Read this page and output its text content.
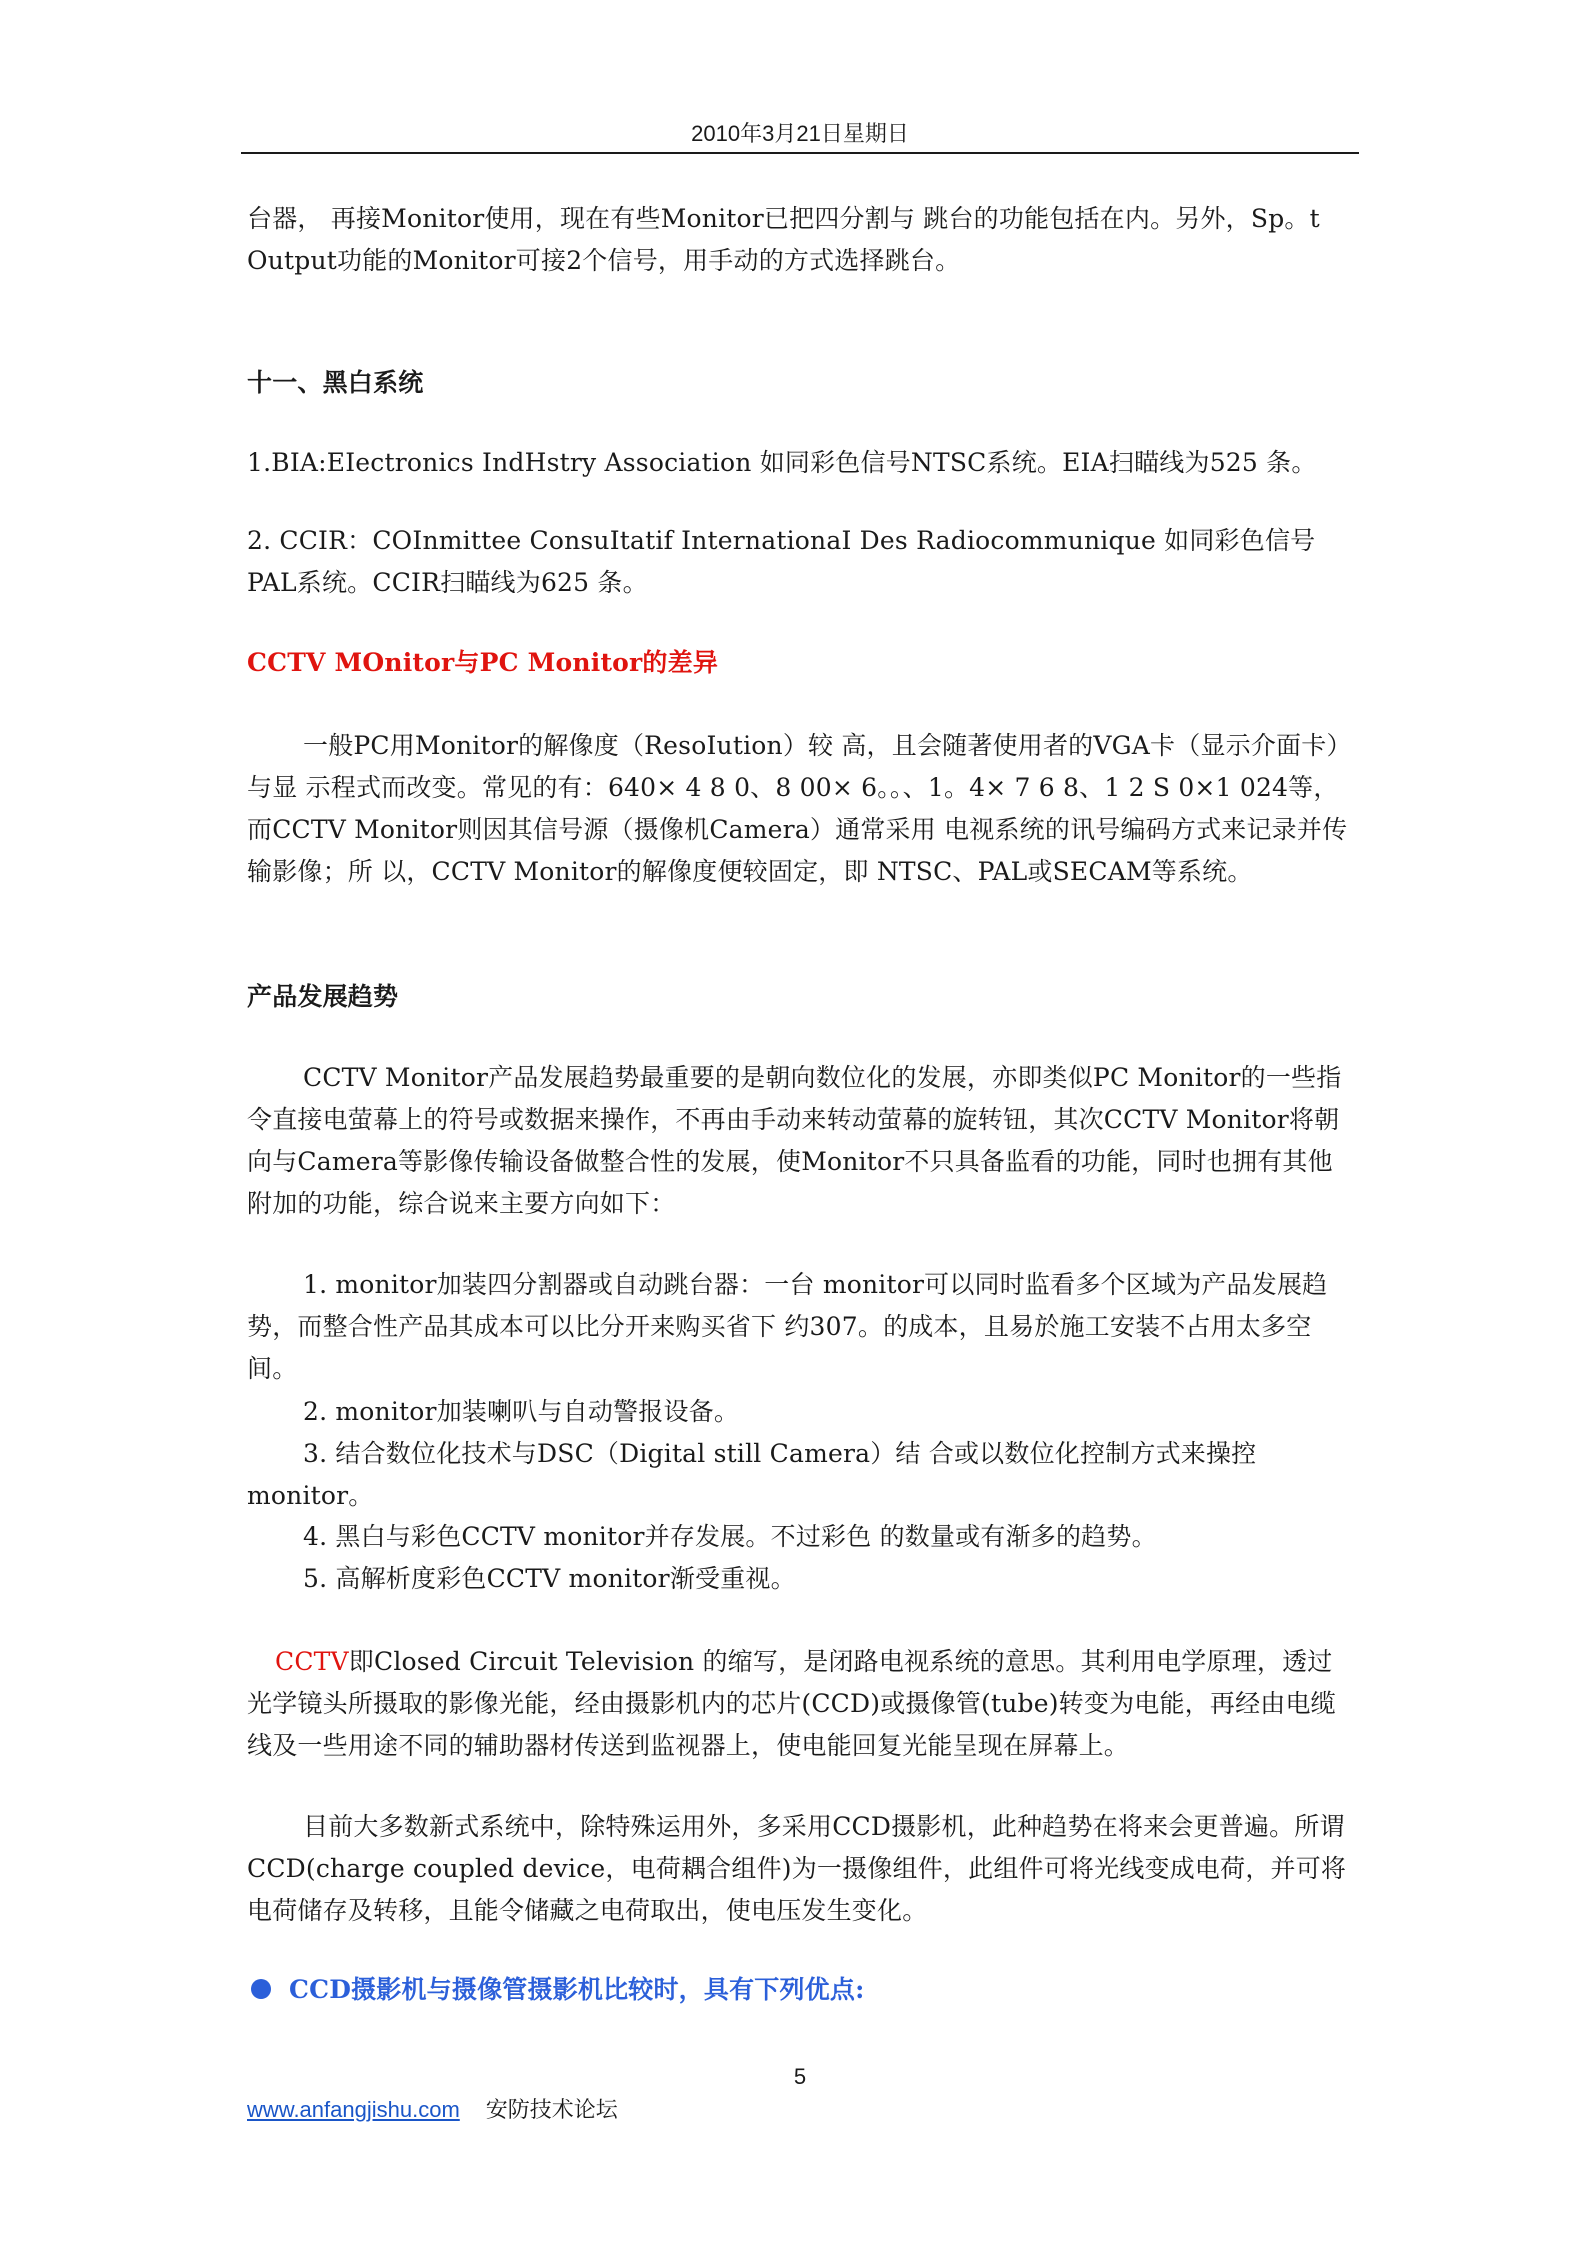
2010年3月21日星期日

台器， 再接Monitor使用，现在有些Monitor已把四分割与 跳台的功能包括在内。另外，Sp。t Output功能的Monitor可接2个信号，用手动的方式选择跳台。

十一、黑白系统

1.BIA:EIectronics IndHstry Association 如同彩色信号NTSC系统。EIA扫瞄线为525 条。

2. CCIR：COInmittee ConsuItatif InternationaI Des Radiocommunique 如同彩色信号PAL系统。CCIR扫瞄线为625 条。

CCTV MOnitor与PC Monitor的差异

一般PC用Monitor的解像度（ResoIution）较 高，且会随著使用者的VGA卡（显示介面卡）与显 示程式而改变。常见的有：640× 4 8 0、8 00× 6。。、1。4× 7 6 8、1 2 S 0×1 024等，而CCTV Monitor则因其信号源（摄像机Camera）通常采用 电视系统的讯号编码方式来记录并传输影像；所 以，CCTV Monitor的解像度便较固定，即 NTSC、PAL或SECAM等系统。

产品发展趋势

CCTV Monitor产品发展趋势最重要的是朝向数位化的发展，亦即类似PC Monitor的一些指令直接电萤幕上的符号或数据来操作，不再由手动来转动萤幕的旋转钮，其次CCTV Monitor将朝向与Camera等影像传输设备做整合性的发展，使Monitor不只具备监看的功能，同时也拥有其他附加的功能，综合说来主要方向如下：

1. monitor加装四分割器或自动跳台器：一台 monitor可以同时监看多个区域为产品发展趋 势，而整合性产品其成本可以比分开来购买省下 约307。的成本，且易於施工安装不占用太多空 间。

2. monitor加装喇叭与自动警报设备。

3. 结合数位化技术与DSC（Digital still Camera）结 合或以数位化控制方式来操控monitor。

4. 黑白与彩色CCTV monitor并存发展。不过彩色 的数量或有渐多的趋势。

5. 高解析度彩色CCTV monitor渐受重视。

CCTV即Closed Circuit Television 的缩写，是闭路电视系统的意思。其利用电学原理，透过光学镜头所摄取的影像光能，经由摄影机内的芯片(CCD)或摄像管(tube)转变为电能，再经由电缆线及一些用途不同的辅助器材传送到监视器上，使电能回复光能呈现在屏幕上。

目前大多数新式系统中，除特殊运用外，多采用CCD摄影机，此种趋势在将来会更普遍。所谓CCD(charge coupled device，电荷耦合组件)为一摄像组件，此组件可将光线变成电荷，并可将电荷储存及转移，且能令储藏之电荷取出，使电压发生变化。

CCD摄影机与摄像管摄影机比较时，具有下列优点:

5
www.anfangjishu.com 安防技术论坛
